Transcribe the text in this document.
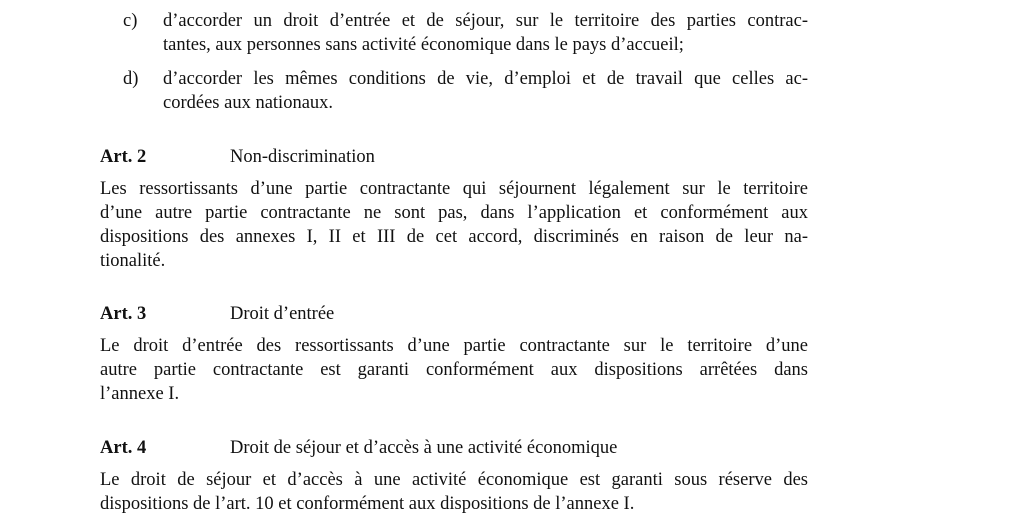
c)	d’accorder un droit d’entrée et de séjour, sur le territoire des parties contrac-
tantes, aux personnes sans activité économique dans le pays d’accueil;
d)	d’accorder les mêmes conditions de vie, d’emploi et de travail que celles ac-
cordées aux nationaux.
Art. 2	Non-discrimination
Les ressortissants d’une partie contractante qui séjournent légalement sur le territoire
d’une autre partie contractante ne sont pas, dans l’application et conformément aux
dispositions des annexes I, II et III de cet accord, discriminés en raison de leur na-
tionalité.
Art. 3	Droit d’entrée
Le droit d’entrée des ressortissants d’une partie contractante sur le territoire d’une
autre partie contractante est garanti conformément aux dispositions arrêtées dans
l’annexe I.
Art. 4	Droit de séjour et d’accès à une activité économique
Le droit de séjour et d’accès à une activité économique est garanti sous réserve des
dispositions de l’art. 10 et conformément aux dispositions de l’annexe I.
